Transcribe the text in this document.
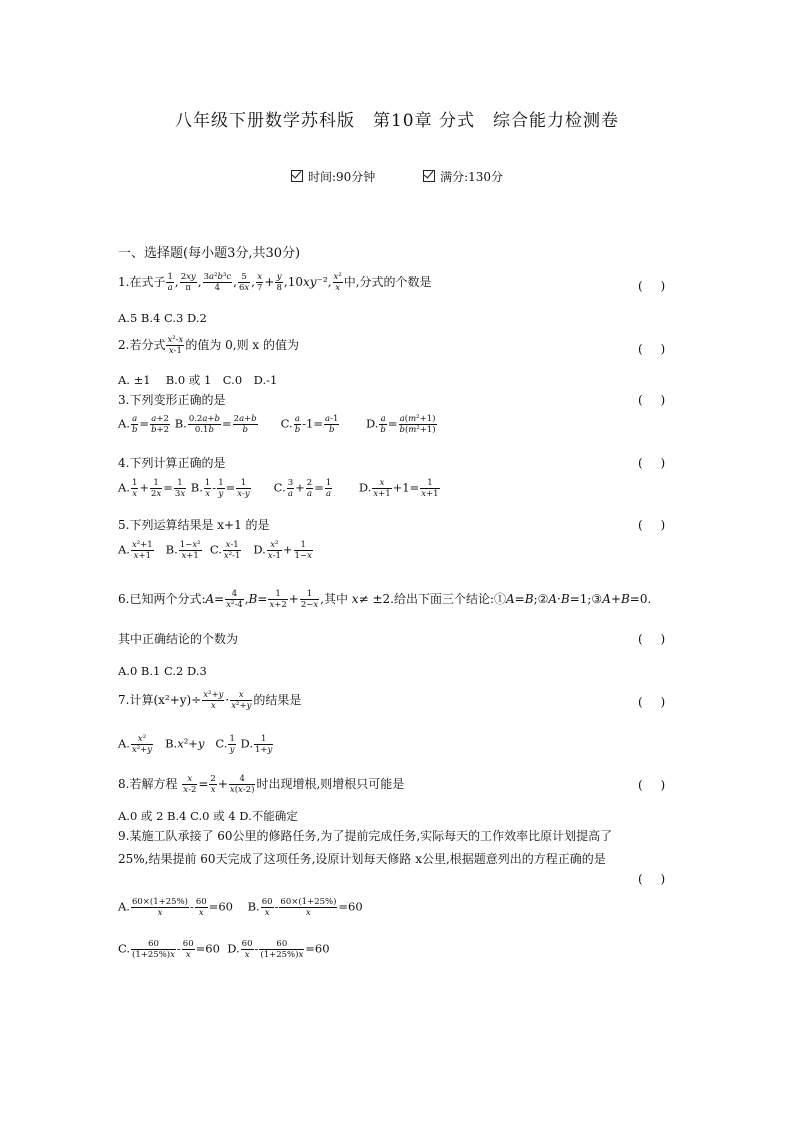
八年级下册数学苏科版　第10章 分式　综合能力检测卷
时间:90分钟	满分:130分
一、选择题(每小题3分,共30分)
1.在式子 $\frac{1}{a}$ , $\frac{2xy}{\pi}$ , $\frac{\text{3a²b³c}}{4}$ , $\frac{5}{6x}$ , $\frac{x}{7} + \frac{y}{8} ,10xy^{-2}$, $\frac{\text{x²}}{x}$ 中,分式的个数是	( )
A.5 B.4 C.3 D.2
2.若分式 $\frac{\text{x²-x}}{x-1}$ 的值为 0,则 x 的值为	( )
A. ±1　 B.0 或 1　C.0　D.-1
3.下列变形正确的是	( )
A. $\frac{a}{b} = \frac{a+2}{b+2} B$. $\frac{0.2a+b}{0.1b} = \frac{2a+b}{b} C$. $\frac{a}{b} -1= \frac{a-1}{b} D$. $\frac{a}{b} = \frac{\text{a(m²+1)}}{\text{b(m²+1)}}$
4.下列计算正确的是	( )
A. $\frac{1}{x} + \frac{1}{2x} = \frac{1}{3x} B$. $\frac{1}{x} - \frac{1}{y} = \frac{1}{x-y} C$. $\frac{3}{a} + \frac{2}{a} = \frac{1}{a} D$. $\frac{x}{x+1} +1= \frac{1}{x+1}$
5.下列运算结果是 x+1 的是	( )
A. $\frac{\text{x²+1}}{x+1} B$. $\frac{\text{1−x²}}{x+1} C$. $\frac{x-1}{\text{x²-1}} D$. $\frac{\text{x²}}{x-1} + \frac{1}{1-x}$
6.已知两个分式:A= $\frac{4}{\text{x²-4}} ,B= \frac{1}{x+2} + \frac{1}{2-x}$ ,其中 x≠ ±2.给出下面三个结论:①A=B;②A·B=1;③A+B=0.
其中正确结论的个数为	( )
A.0 B.1 C.2 D.3
7.计算$(x^2+y)\div \frac{\text{x²+y}}{x} \cdot \frac{x}{\text{x²+y}}$ 的结果是	( )
A. $\frac{\text{x²}}{\text{x²+y}} B.x^2+y$   C. $\frac{1}{y} D$. $\frac{1}{1+y}$
8.若解方程 $\frac{x}{x-2} = \frac{2}{x} + \frac{4}{x(x-2)}$ 时出现增根,则增根只可能是	( )
A.0 或 2 B.4 C.0 或 4 D.不能确定
9.某施工队承接了 60公里的修路任务,为了提前完成任务,实际每天的工作效率比原计划提高了
25%,结果提前 60天完成了这项任务,设原计划每天修路 x公里,根据题意列出的方程正确的是
( )
A. $\frac{60\times(1+25\%)}{x} - \frac{60}{x} =60$    B. $\frac{60}{x} - \frac{60\times(1+25\%)}{x} =60$
C. $\frac{60}{(1+25\%)x} - \frac{60}{x} =60$  D. $\frac{60}{x} - \frac{60}{(1+25\%)x} =60$
